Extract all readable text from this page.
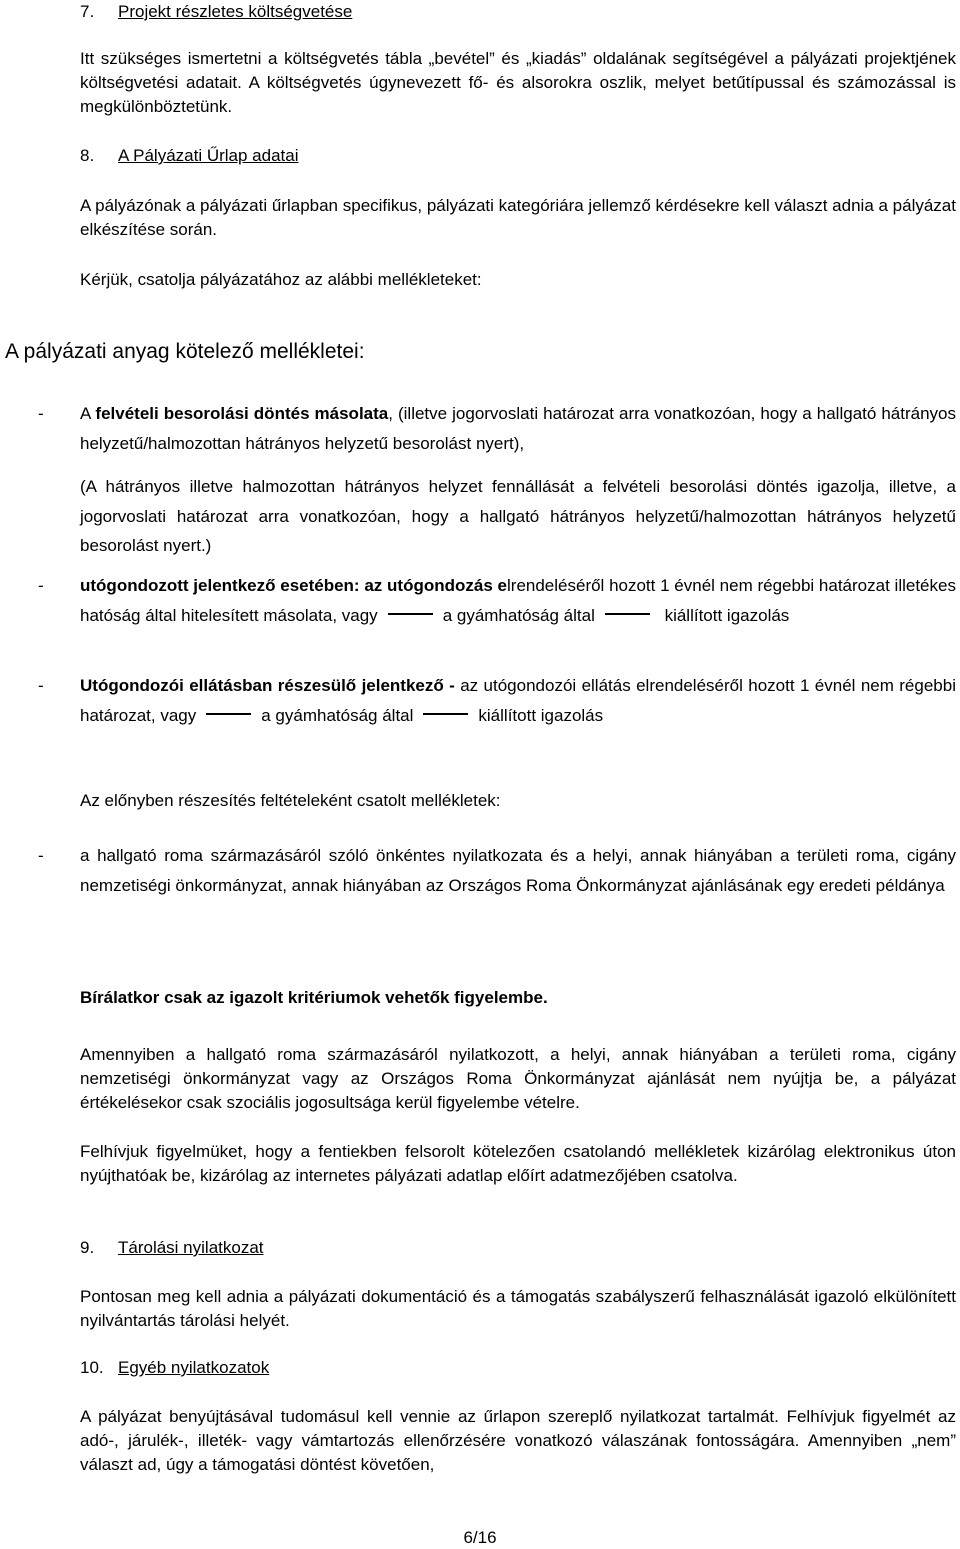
7. Projekt részletes költségvetése

Itt szükséges ismertetni a költségvetés tábla „bevétel” és „kiadás” oldalának segítségével a pályázati projektjének költségvetési adatait. A költségvetés úgynevezett fő- és alsorokra oszlik, melyet betűtípussal és számozással is megkülönböztetünk.

8. A Pályázati Űrlap adatai

A pályázónak a pályázati űrlapban specifikus, pályázati kategóriára jellemző kérdésekre kell választ adnia a pályázat elkészítése során.

Kérjük, csatolja pályázatához az alábbi mellékleteket:

A pályázati anyag kötelező mellékletei:
- A felvételi besorolási döntés másolata, (illetve jogorvoslati határozat arra vonatkozóan, hogy a hallgató hátrányos helyzetű/halmozottan hátrányos helyzetű besorolást nyert),
(A hátrányos illetve halmozottan hátrányos helyzet fennállását a felvételi besorolási döntés igazolja, illetve, a jogorvoslati határozat arra vonatkozóan, hogy a hallgató hátrányos helyzetű/halmozottan hátrányos helyzetű besorolást nyert.)
- utógondozott jelentkező esetében: az utógondozás elrendeléséről hozott 1 évnél nem régebbi határozat illetékes hatóság által hitelesített másolata, vagy	a gyámhatóság által	kiállított igazolás
- Utógondozói ellátásban részesülő jelentkező - az utógondozói ellátás elrendeléséről hozott 1 évnél nem régebbi határozat, vagy	a gyámhatóság által	kiállított igazolás

Az előnyben részesítés feltételeként csatolt mellékletek:

- a hallgató roma származásáról szóló önkéntes nyilatkozata és a helyi, annak hiányában a területi roma, cigány nemzetiségi önkormányzat, annak hiányában az Országos Roma Önkormányzat ajánlásának egy eredeti példánya

Bírálatkor csak az igazolt kritériumok vehetők figyelembe.

Amennyiben a hallgató roma származásáról nyilatkozott, a helyi, annak hiányában a területi roma, cigány nemzetiségi önkormányzat vagy az Országos Roma Önkormányzat ajánlását nem nyújtja be, a pályázat értékelésekor csak szociális jogosultsága kerül figyelembe vételre.

Felhívjuk figyelmüket, hogy a fentiekben felsorolt kötelezően csatolandó mellékletek kizárólag elektronikus úton nyújthatóak be, kizárólag az internetes pályázati adatlap előírt adatmezőjében csatolva.

9. Tárolási nyilatkozat

Pontosan meg kell adnia a pályázati dokumentáció és a támogatás szabályszerű felhasználását igazoló elkülönített nyilvántartás tárolási helyét.

10. Egyéb nyilatkozatok

A pályázat benyújtásával tudomásul kell vennie az űrlapon szereplő nyilatkozat tartalmát. Felhívjuk figyelmét az adó-, járulék-, illeték- vagy vámtartozás ellenőrzésére vonatkozó válaszának fontosságára. Amennyiben „nem” választ ad, úgy a támogatási döntést követően,

6/16
